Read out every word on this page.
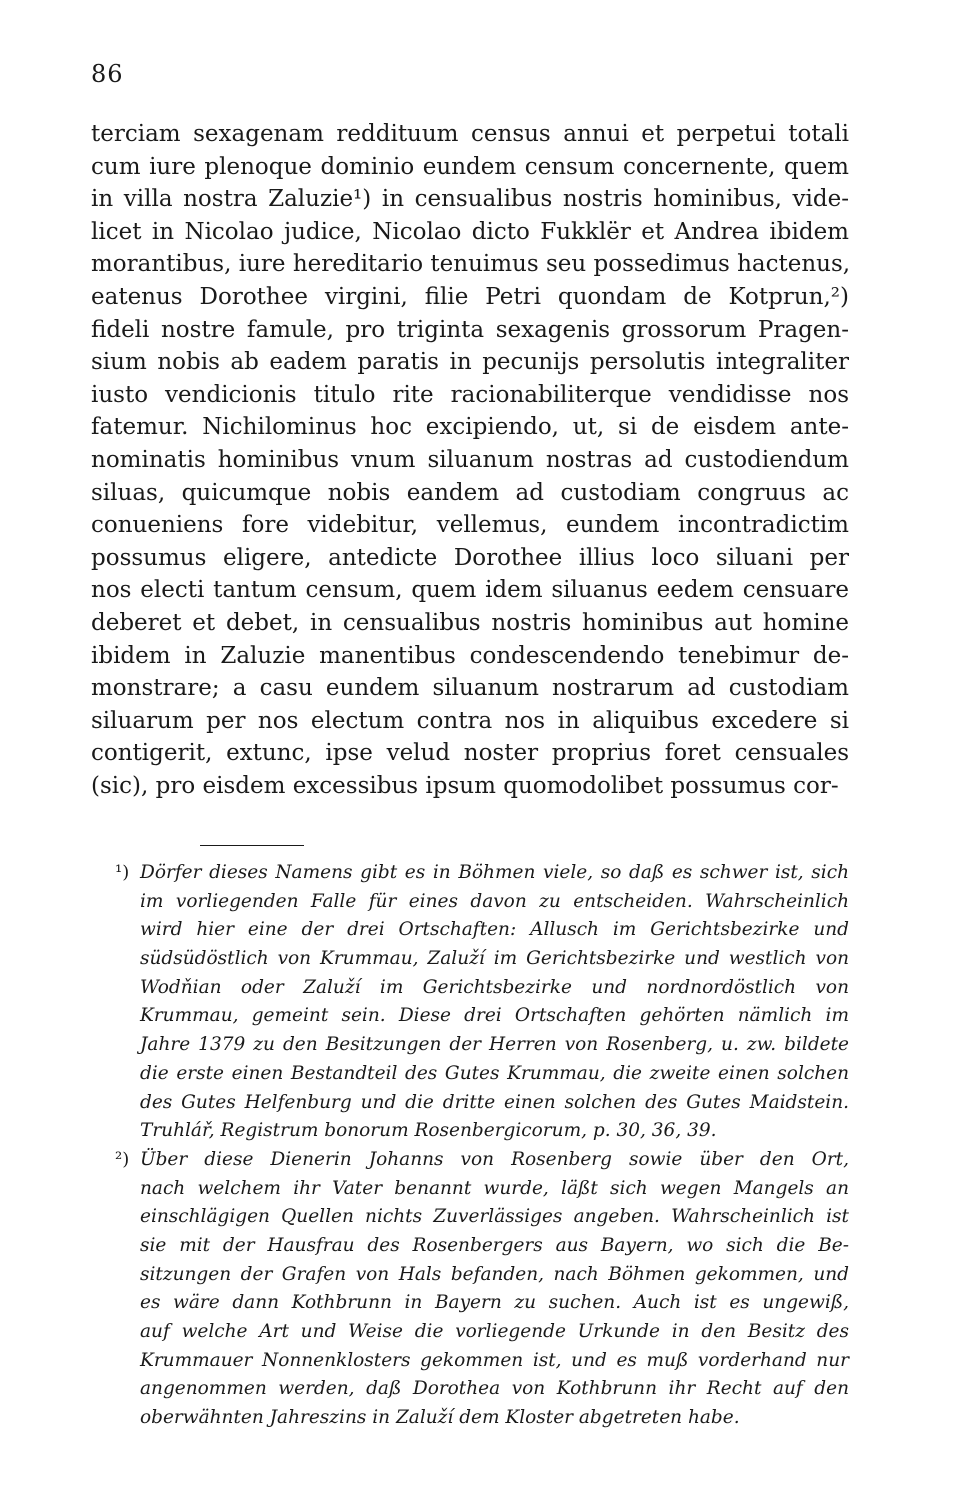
86
terciam sexagenam reddituum census annui et perpetui totali
cum iure plenoque dominio eundem censum concernente, quem
in villa nostra Zaluzie¹) in censualibus nostris hominibus, vide-
licet in Nicolao judice, Nicolao dicto Fukklër et Andrea ibidem
morantibus, iure hereditario tenuimus seu possedimus hactenus,
eatenus Dorothee virgini, filie Petri quondam de Kotprun,²)
fideli nostre famule, pro triginta sexagenis grossorum Pragen-
sium nobis ab eadem paratis in pecunijs persolutis integraliter
iusto vendicionis titulo rite racionabiliterque vendidisse nos
fatemur. Nichilominus hoc excipiendo, ut, si de eisdem ante-
nominatis hominibus vnum siluanum nostras ad custodiendum
siluas, quicumque nobis eandem ad custodiam congruus ac
conueniens fore videbitur, vellemus, eundem incontradictim
possumus eligere, antedicte Dorothee illius loco siluani per
nos electi tantum censum, quem idem siluanus eedem censuare
deberet et debet, in censualibus nostris hominibus aut homine
ibidem in Zaluzie manentibus condescendendo tenebimur de-
monstrare; a casu eundem siluanum nostrarum ad custodiam
siluarum per nos electum contra nos in aliquibus excedere si
contigerit, extunc, ipse velud noster proprius foret censuales
(sic), pro eisdem excessibus ipsum quomodolibet possumus cor-
¹) Dörfer dieses Namens gibt es in Böhmen viele, so daß es schwer ist, sich
im vorliegenden Falle für eines davon zu entscheiden. Wahrscheinlich
wird hier eine der drei Ortschaften: Allusch im Gerichtsbezirke und
südsüdöstlich von Krummau, Zaluží im Gerichtsbezirke und westlich von
Wodňian oder Zaluží im Gerichtsbezirke und nordnordöstlich von
Krummau, gemeint sein. Diese drei Ortschaften gehörten nämlich im
Jahre 1379 zu den Besitzungen der Herren von Rosenberg, u. zw. bildete
die erste einen Bestandteil des Gutes Krummau, die zweite einen solchen
des Gutes Helfenburg und die dritte einen solchen des Gutes Maidstein.
Truhlář, Registrum bonorum Rosenbergicorum, p. 30, 36, 39.
²) Über diese Dienerin Johanns von Rosenberg sowie über den Ort,
nach welchem ihr Vater benannt wurde, läßt sich wegen Mangels an
einschlägigen Quellen nichts Zuverlässiges angeben. Wahrscheinlich ist
sie mit der Hausfrau des Rosenbergers aus Bayern, wo sich die Be-
sitzungen der Grafen von Hals befanden, nach Böhmen gekommen, und
es wäre dann Kothbrunn in Bayern zu suchen. Auch ist es ungewiß,
auf welche Art und Weise die vorliegende Urkunde in den Besitz des
Krummauer Nonnenklosters gekommen ist, und es muß vorderhand nur
angenommen werden, daß Dorothea von Kothbrunn ihr Recht auf den
oberwähnten Jahreszins in Zaluží dem Kloster abgetreten habe.
